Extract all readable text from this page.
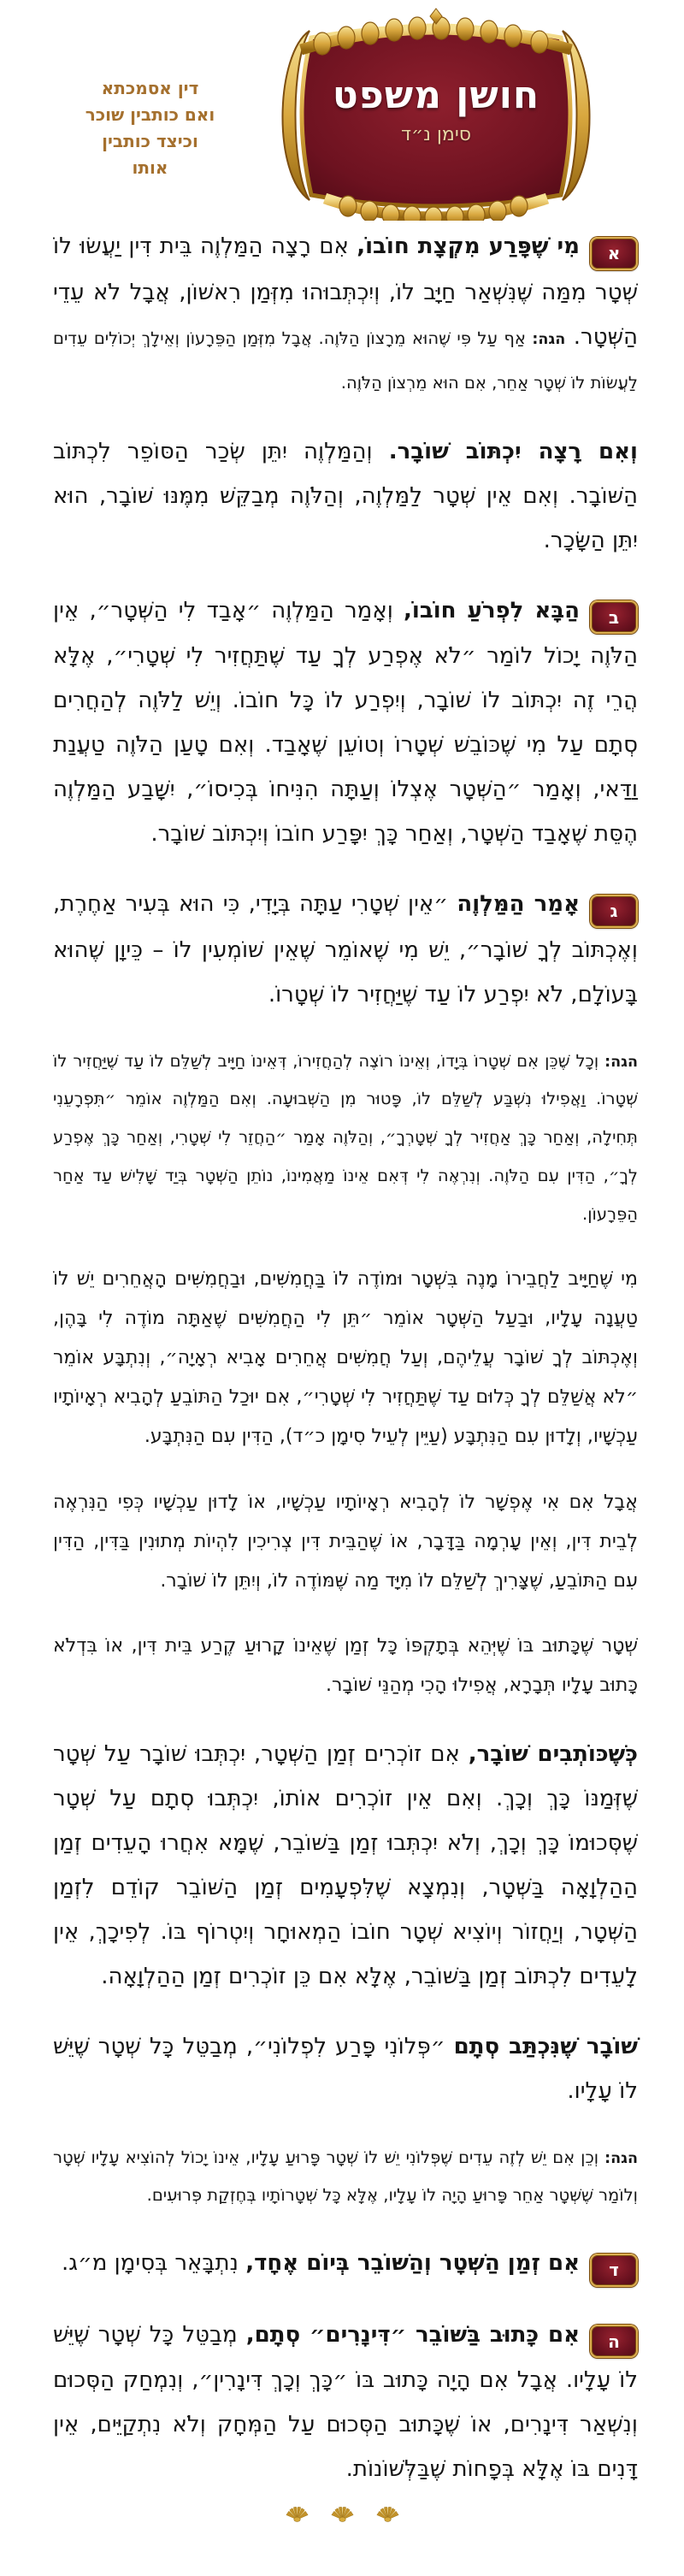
דין אסמכתא
ואם כותבין שוכר
וכיצד כותבין
אותו
חושן משפט
סימן נ״ד

א
מִי שֶׁפָּרַע מִקְצָת חוֹבוֹ, אִם רָצָה הַמַּלְוֶה בֵּית דִּין יַעֲשׂוּ לוֹ שְׁטָר מִמַּה שֶּׁנִּשְׁאַר חַיָּב לוֹ, וְיִכְתְּבוּהוּ מִזְּמַן רִאשׁוֹן, אֲבָל לֹא עֵדֵי הַשְּׁטָר. הגה: אַף עַל פִּי שֶׁהוּא מֵרָצוֹן הַלֹּוֶה. אֲבָל מִזְּמַן הַפֵּרָעוֹן וְאֵילָךְ יְכוֹלִים עֵדִים לַעֲשׂוֹת לוֹ שְׁטָר אַחֵר, אִם הוּא מֵרְצוֹן הַלֹּוֶה.

וְאִם רָצָה יִכְתּוֹב שׁוֹבָר. וְהַמַּלְוֶה יִתֵּן שְׂכַר הַסּוֹפֵר לִכְתּוֹב הַשּׁוֹבָר. וְאִם אֵין שְׁטָר לַמַּלְוֶה, וְהַלֹּוֶה מְבַקֵּשׁ מִמֶּנּוּ שׁוֹבָר, הוּא יִתֵּן הַשָּׂכָר.

ב
הַבָּא לִפְרֹעַ חוֹבוֹ, וְאָמַר הַמַּלְוֶה ״אָבַד לִי הַשְּׁטָר״, אֵין הַלֹּוֶה יָכוֹל לוֹמַר ״לֹא אֶפְרַע לְךָ עַד שֶׁתַּחֲזִיר לִי שְׁטָרִי״, אֶלָּא הֲרֵי זֶה יִכְתּוֹב לוֹ שׁוֹבָר, וְיִפְרַע לוֹ כָּל חוֹבוֹ. וְיֵשׁ לַלֹּוֶה לְהַחֲרִים סְתָם עַל מִי שֶׁכּוֹבֵשׁ שְׁטָרוֹ וְטוֹעֵן שֶׁאָבַד. וְאִם טָעַן הַלֹּוֶה טַעֲנַת וַדַּאי, וְאָמַר ״הַשְּׁטָר אֶצְלוֹ וְעַתָּה הִנִּיחוֹ בְּכִיסוֹ״, יִשָּׁבַע הַמַּלְוֶה הֶסֵּת שֶׁאָבַד הַשְּׁטָר, וְאַחַר כָּךְ יִפָּרַע חוֹבוֹ וְיִכְתּוֹב שׁוֹבָר.

ג
אָמַר הַמַּלְוֶה ״אֵין שְׁטָרִי עַתָּה בְּיָדִי, כִּי הוּא בְּעִיר אַחֶרֶת, וְאֶכְתּוֹב לְךָ שׁוֹבָר״, יֵשׁ מִי שֶׁאוֹמֵר שֶׁאֵין שׁוֹמְעִין לוֹ – כֵּיוָן שֶׁהוּא בָּעוֹלָם, לֹא יִפְרַע לוֹ עַד שֶׁיַּחֲזִיר לוֹ שְׁטָרוֹ.

הגה: וְכָל שֶׁכֵּן אִם שְׁטָרוֹ בְּיָדוֹ, וְאֵינוֹ רוֹצֶה לְהַחֲזִירוֹ, דְּאֵינוֹ חַיָּיב לְשַׁלֵּם לוֹ עַד שֶׁיַּחֲזִיר לוֹ שְׁטָרוֹ. וַאֲפִילוּ נִשְׁבַּע לְשַׁלֵּם לוֹ, פָּטוּר מִן הַשְּׁבוּעָה. וְאִם הַמַּלְוֶה אוֹמֵר ״תִּפְרָעֵנִי תְּחִילָה, וְאַחַר כָּךְ אַחֲזִיר לְךָ שְׁטָרְךָ״, וְהַלֹּוֶה אָמַר ״הַחֲזֵר לִי שְׁטָרִי, וְאַחַר כָּךְ אֶפְרַע לְךָ״, הַדִּין עִם הַלֹּוֶה. וְנִרְאֶה לִי דְּאִם אֵינוֹ מַאֲמִינוֹ, נוֹתֵן הַשְּׁטָר בְּיַד שָׁלִישׁ עַד אַחַר הַפֵּרָעוֹן.

מִי שֶׁחַיָּיב לַחֲבֵירוֹ מָנֶה בִּשְׁטָר וּמוֹדֶה לוֹ בַּחֲמִשִּׁים, וּבַחֲמִשִּׁים הָאֲחֵרִים יֵשׁ לוֹ טַעֲנָה עָלָיו, וּבַעַל הַשְּׁטָר אוֹמֵר ״תֵּן לִי הַחֲמִשִּׁים שֶׁאַתָּה מוֹדֶה לִי בָּהֶן, וְאֶכְתּוֹב לְךָ שׁוֹבָר עֲלֵיהֶם, וְעַל חֲמִשִּׁים אֲחֵרִים אָבִיא רְאָיָה״, וְנִתְבָּע אוֹמֵר ״לֹא אֲשַׁלֵּם לְךָ כְּלוּם עַד שֶׁתַּחֲזִיר לִי שְׁטָרִי״, אִם יוּכַל הַתּוֹבֵעַ לְהָבִיא רְאָיוֹתָיו עַכְשָׁיו, וְלָדוּן עִם הַנִּתְבָּע (עַיֵּין לְעֵיל סִימָן כ״ד), הַדִּין עִם הַנִּתְבָּע.

אֲבָל אִם אִי אֶפְשָׁר לוֹ לְהָבִיא רְאָיוֹתָיו עַכְשָׁיו, אוֹ לָדוּן עַכְשָׁיו כְּפִי הַנִּרְאֶה לְבֵית דִּין, וְאֵין עָרְמָה בַּדָּבָר, אוֹ שֶׁהַבֵּית דִּין צְרִיכִין לִהְיוֹת מְתוּנִין בַּדִּין, הַדִּין עִם הַתּוֹבֵעַ, שֶׁצָּרִיךְ לְשַׁלֵּם לוֹ מִיָּד מַה שֶּׁמּוֹדֶה לוֹ, וְיִתֵּן לוֹ שׁוֹבָר.

שְׁטָר שֶׁכָּתוּב בּוֹ שֶׁיְּהֵא בְּתָקְפּוֹ כָּל זְמַן שֶׁאֵינוֹ קָרוּעַ קֶרַע בֵּית דִּין, אוֹ בִּדְלֹא כָּתוּב עָלָיו תְּבָרָא, אֲפִילוּ הָכִי מְהַנֵּי שׁוֹבָר.

כְּשֶׁכּוֹתְבִים שׁוֹבָר, אִם זוֹכְרִים זְמַן הַשְּׁטָר, יִכְתְּבוּ שׁוֹבָר עַל שְׁטָר שֶׁזְּמַנּוֹ כָּךְ וְכָךְ. וְאִם אֵין זוֹכְרִים אוֹתוֹ, יִכְתְּבוּ סְתָם עַל שְׁטָר שֶׁסְּכוּמוֹ כָּךְ וְכָךְ, וְלֹא יִכְתְּבוּ זְמַן בַּשּׁוֹבֵר, שֶׁמָּא אִחֲרוּ הָעֵדִים זְמַן הַהַלְוָאָה בַּשְּׁטָר, וְנִמְצָא שֶׁלִּפְעָמִים זְמַן הַשּׁוֹבֵר קוֹדֵם לִזְמַן הַשְּׁטָר, וְיַחֲזוֹר וְיוֹצִיא שְׁטָר חוֹבוֹ הַמְאוּחָר וְיִטְרוֹף בּוֹ. לְפִיכָךְ, אֵין לָעֵדִים לִכְתּוֹב זְמַן בַּשּׁוֹבֵר, אֶלָּא אִם כֵּן זוֹכְרִים זְמַן הַהַלְוָאָה.

שׁוֹבָר שֶׁנִּכְתַּב סְתָם ״פְּלוֹנִי פָּרַע לִפְלוֹנִי״, מְבַטֵּל כָּל שְׁטָר שֶׁיֵּשׁ לוֹ עָלָיו.

הגה: וְכֵן אִם יֵשׁ לְזֶה עֵדִים שֶׁפְּלוֹנִי יֵשׁ לוֹ שְׁטָר פָּרוּעַ עָלָיו, אֵינוֹ יָכוֹל לְהוֹצִיא עָלָיו שְׁטָר וְלוֹמַר שֶׁשְּׁטָר אַחֵר פָּרוּעַ הָיָה לוֹ עָלָיו, אֶלָּא כָּל שְׁטָרוֹתָיו בְּחֶזְקַת פְּרוּעִים.

ד
אִם זְמַן הַשְּׁטָר וְהַשּׁוֹבֵר בְּיוֹם אֶחָד, נִתְבָּאֵר בְּסִימָן מ״ג.

ה
אִם כָּתוּב בַּשּׁוֹבֵר ״דִּינָרִים״ סְתָם, מְבַטֵּל כָּל שְׁטָר שֶׁיֵּשׁ לוֹ עָלָיו. אֲבָל אִם הָיָה כָּתוּב בּוֹ ״כָּךְ וְכָךְ דִּינָרִין״, וְנִמְחַק הַסְּכוּם וְנִשְׁאַר דִּינָרִים, אוֹ שֶׁכָּתוּב הַסְּכוּם עַל הַמְּחָק וְלֹא נִתְקַיֵּים, אֵין דָּנִים בּוֹ אֶלָּא בְּפָחוֹת שֶׁבַּלְּשׁוֹנוֹת.
